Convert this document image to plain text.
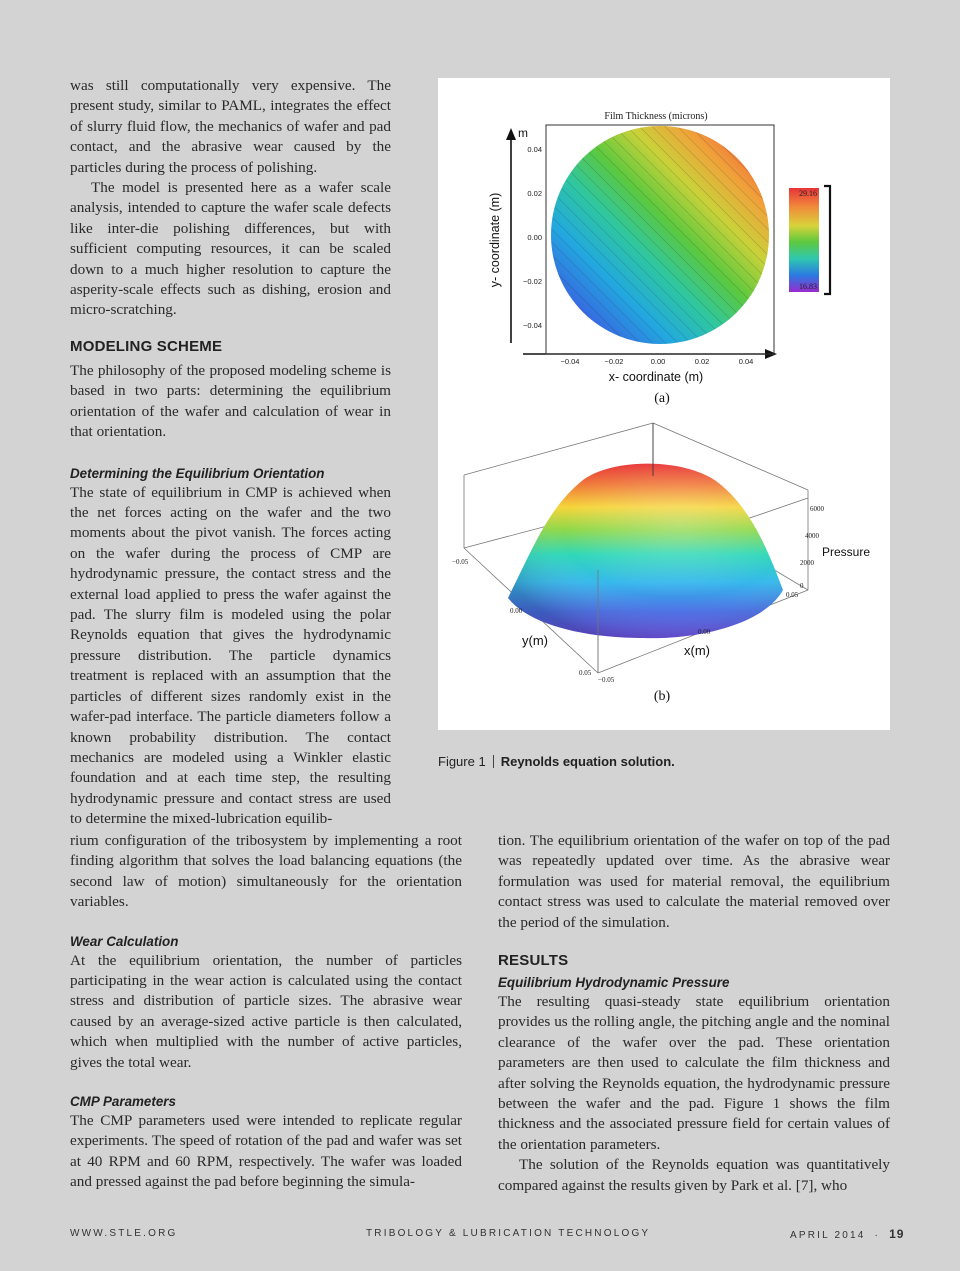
was still computationally very expensive. The present study, similar to PAML, integrates the effect of slurry fluid flow, the mechanics of wafer and pad contact, and the abrasive wear caused by the particles during the process of polishing.

The model is presented here as a wafer scale analysis, intended to capture the wafer scale defects like inter-die polishing differences, but with sufficient computing resources, it can be scaled down to a much higher resolution to capture the asperity-scale effects such as dishing, erosion and micro-scratching.

MODELING SCHEME

The philosophy of the proposed modeling scheme is based in two parts: determining the equilibrium orientation of the wafer and calculation of wear in that orientation.

Determining the Equilibrium Orientation

The state of equilibrium in CMP is achieved when the net forces acting on the wafer and the two moments about the pivot vanish. The forces acting on the wafer during the process of CMP are hydrodynamic pressure, the contact stress and the external load applied to press the wafer against the pad. The slurry film is modeled using the polar Reynolds equation that gives the hydrodynamic pressure distribution. The particle dynamics treatment is replaced with an assumption that the particles of different sizes randomly exist in the wafer-pad interface. The particle diameters follow a known probability distribution. The contact mechanics are modeled using a Winkler elastic foundation and at each time step, the resulting hydrodynamic pressure and contact stress are used to determine the mixed-lubrication equilib-

rium configuration of the tribosystem by implementing a root finding algorithm that solves the load balancing equations (the second law of motion) simultaneously for the orientation variables.

Wear Calculation

At the equilibrium orientation, the number of particles participating in the wear action is calculated using the contact stress and distribution of particle sizes. The abrasive wear caused by an average-sized active particle is then calculated, which when multiplied with the number of active particles, gives the total wear.

CMP Parameters

The CMP parameters used were intended to replicate regular experiments. The speed of rotation of the pad and wafer was set at 40 RPM and 60 RPM, respectively. The wafer was loaded and pressed against the pad before beginning the simula-

tion. The equilibrium orientation of the wafer on top of the pad was repeatedly updated over time. As the abrasive wear formulation was used for material removal, the equilibrium contact stress was used to calculate the material removed over the period of the simulation.

RESULTS
Equilibrium Hydrodynamic Pressure

The resulting quasi-steady state equilibrium orientation provides us the rolling angle, the pitching angle and the nominal clearance of the wafer over the pad. These orientation parameters are then used to calculate the film thickness and after solving the Reynolds equation, the hydrodynamic pressure between the wafer and the pad. Figure 1 shows the film thickness and the associated pressure field for certain values of the orientation parameters.

The solution of the Reynolds equation was quantitatively compared against the results given by Park et al. [7], who

Film Thickness (microns)
m
0.04
0.02
0.00
−0.02
−0.04
−0.04	−0.02	0.00	0.02	0.04
x- coordinate (m)
y- coordinate (m)	29.16
16.83
(a)
6000
4000
2000
0
Pressure
−0.05
0.05
0.00
0.00
0.05
−0.05
y(m)
x(m)
(b)
Figure 1 Reynolds equation solution.
WWW.STLE.ORG	TRIBOLOGY & LUBRICATION TECHNOLOGY	APRIL 2014 · 19
